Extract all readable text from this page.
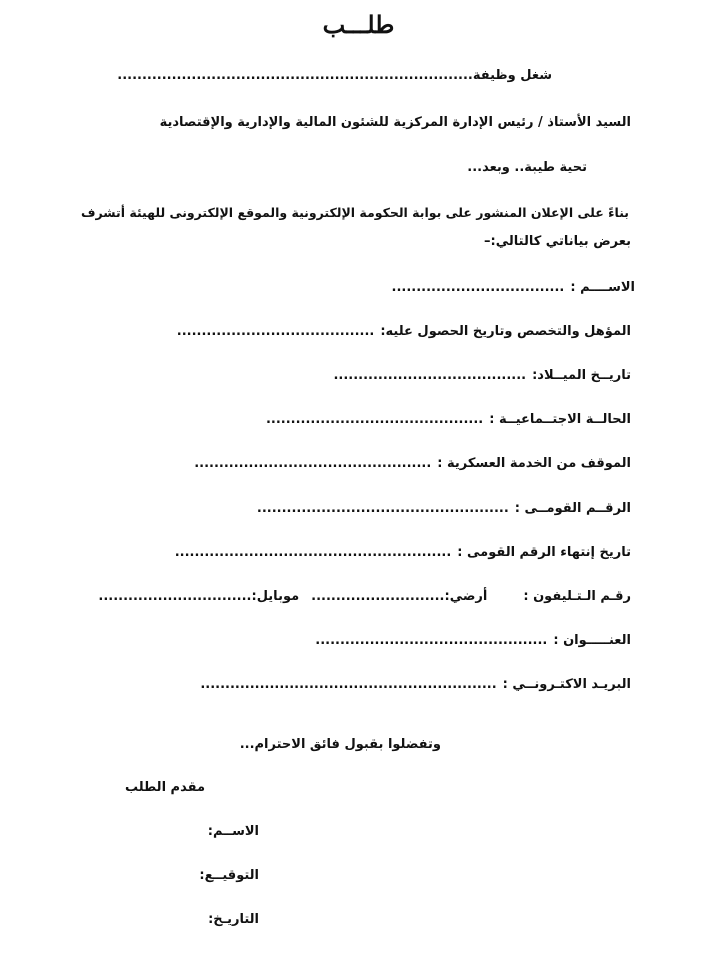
طلـــب
شغل وظيفة........................................................................
السيد الأستاذ / رئيس الإدارة المركزية للشئون المالية والإدارية والإقتصادية
تحية طيبة.. وبعد...
بناءً على الإعلان المنشور على بوابة الحكومة الإلكترونية والموقع الإلكترونى للهيئة أتشرف
بعرض بياناتي كالتالي:–
الاســــم :...................................
المؤهل والتخصص وتاريخ الحصول عليه:........................................
تاريــخ الميــلاد:.......................................
الحالــة الاجتــماعيــة :............................................
الموقف من الخدمة العسكرية :................................................
الرقــم القومــى :...................................................
تاريخ إنتهاء الرقم القومى :........................................................
رقـم الـتـليفون :أرضي:...........................موبايل:...............................
العنـــــوان :...............................................
البريـد الاكتـرونــي :............................................................
وتفضلوا بقبول فائق الاحترام...
مقدم الطلب
الاســم:
التوقيــع:
التاريـخ:
